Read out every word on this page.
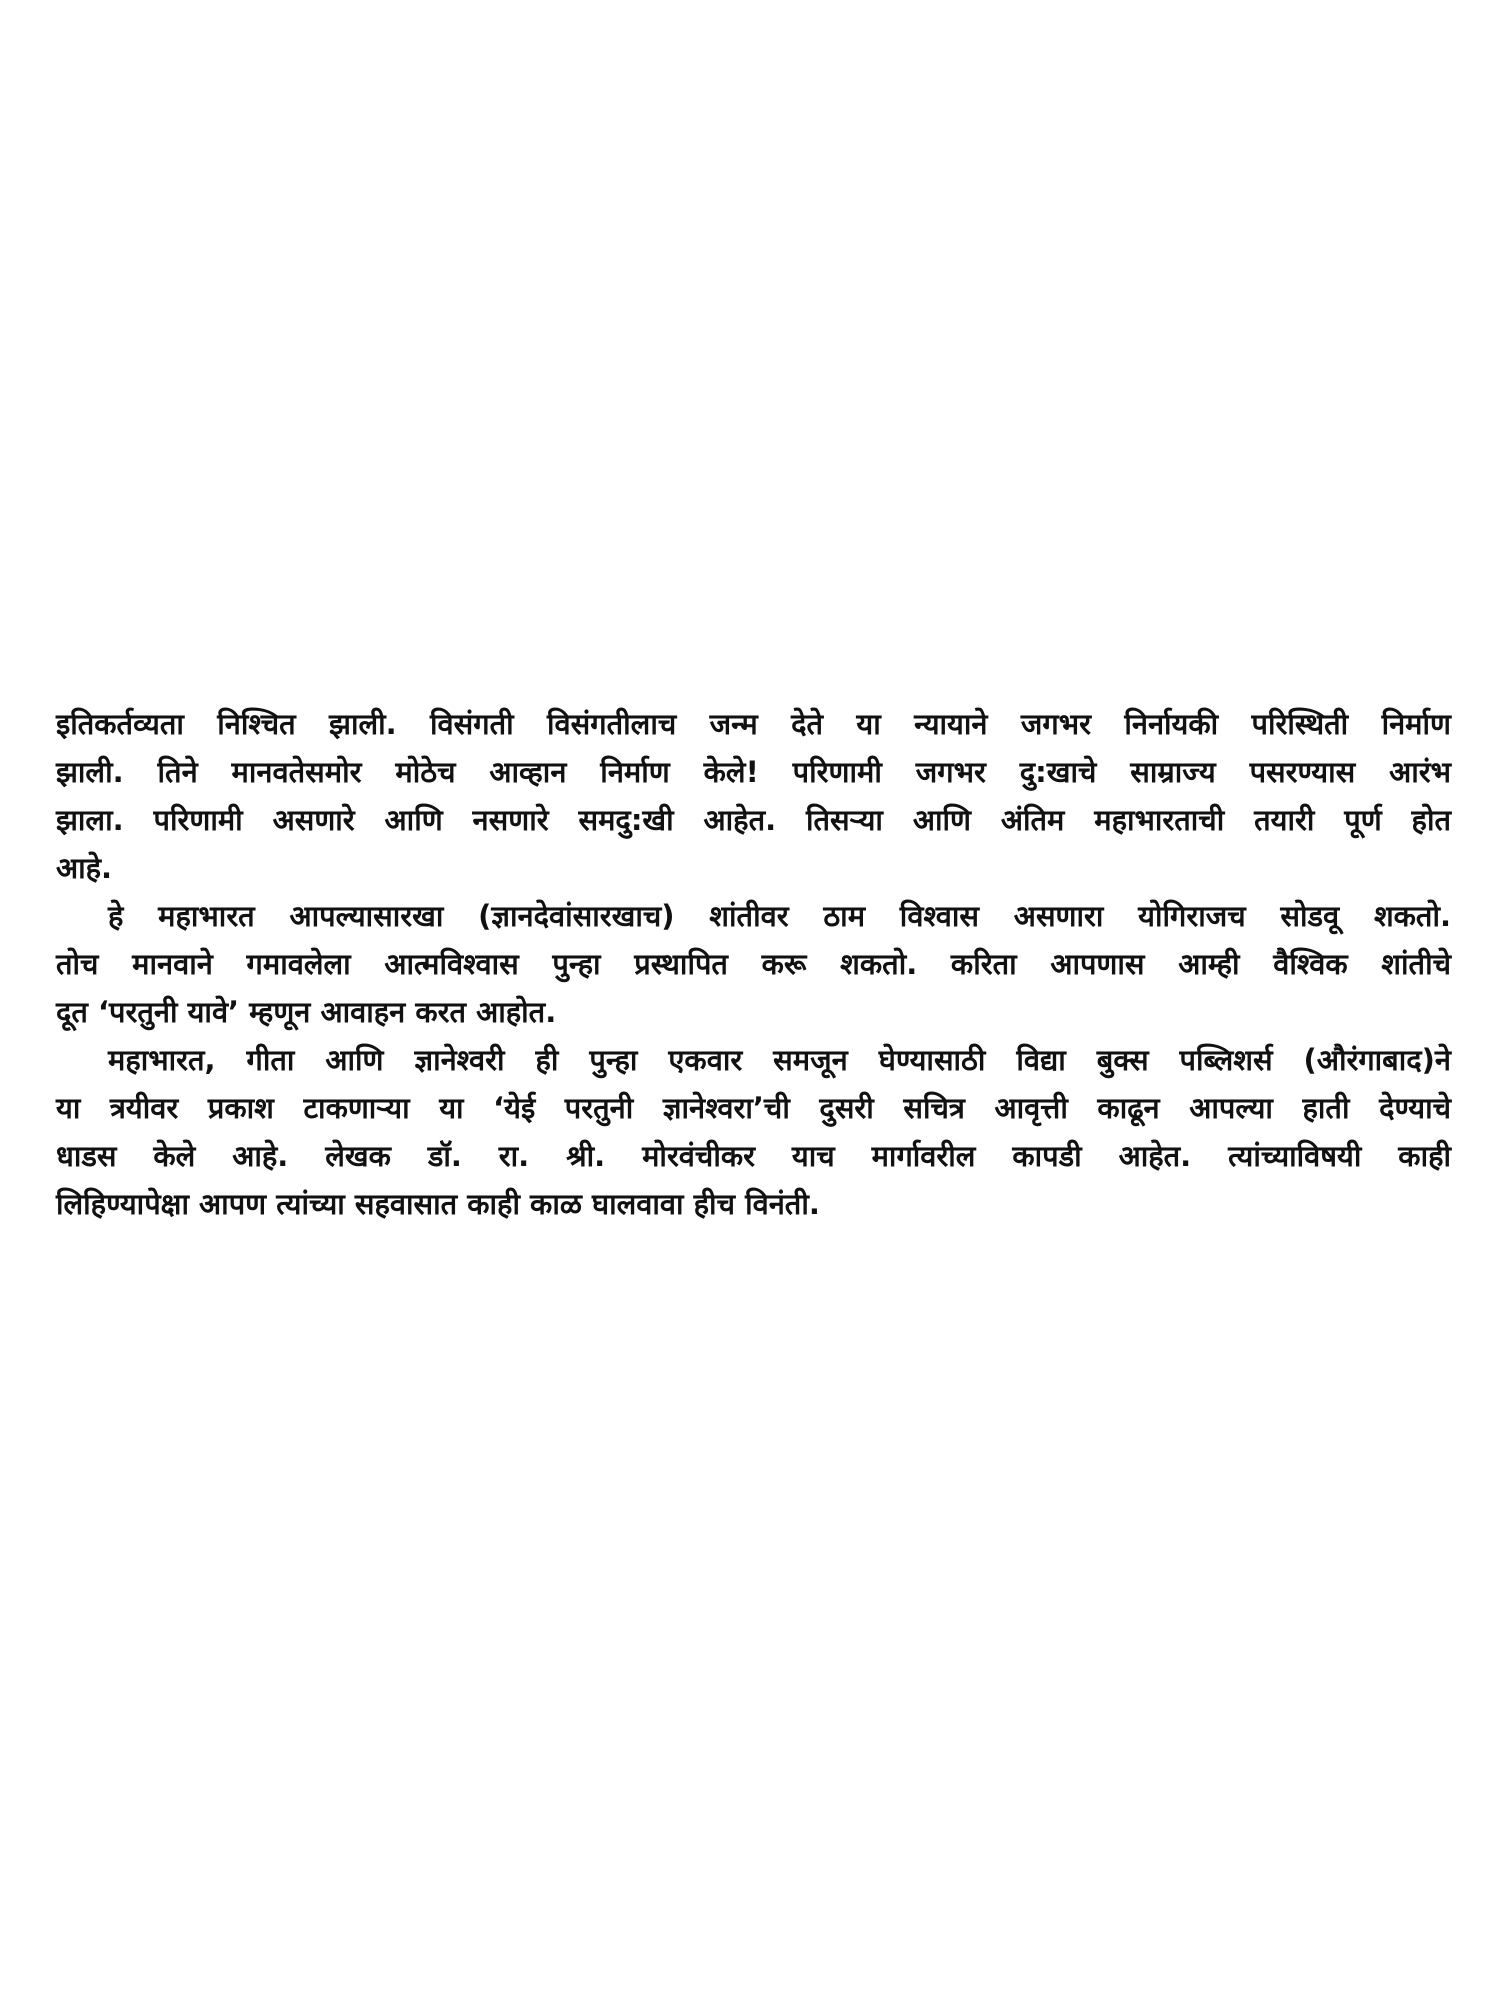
इतिकर्तव्यता निश्चित झाली. विसंगती विसंगतीलाच जन्म देते या न्यायाने जगभर निर्नायकी परिस्थिती निर्माण
झाली. तिने मानवतेसमोर मोठेच आव्हान निर्माण केले! परिणामी जगभर दु:खाचे साम्राज्य पसरण्यास आरंभ
झाला. परिणामी असणारे आणि नसणारे समदु:खी आहेत. तिसऱ्या आणि अंतिम महाभारताची तयारी पूर्ण होत
आहे.
हे महाभारत आपल्यासारखा (ज्ञानदेवांसारखाच) शांतीवर ठाम विश्वास असणारा योगिराजच सोडवू शकतो.
तोच मानवाने गमावलेला आत्मविश्वास पुन्हा प्रस्थापित करू शकतो. करिता आपणास आम्ही वैश्विक शांतीचे
दूत ‘परतुनी यावे’ म्हणून आवाहन करत आहोत.
महाभारत, गीता आणि ज्ञानेश्वरी ही पुन्हा एकवार समजून घेण्यासाठी विद्या बुक्स पब्लिशर्स (औरंगाबाद)ने
या त्रयीवर प्रकाश टाकणाऱ्या या ‘येई परतुनी ज्ञानेश्वरा’ची दुसरी सचित्र आवृत्ती काढून आपल्या हाती देण्याचे
धाडस केले आहे. लेखक डॉ. रा. श्री. मोरवंचीकर याच मार्गावरील कापडी आहेत. त्यांच्याविषयी काही
लिहिण्यापेक्षा आपण त्यांच्या सहवासात काही काळ घालवावा हीच विनंती.
